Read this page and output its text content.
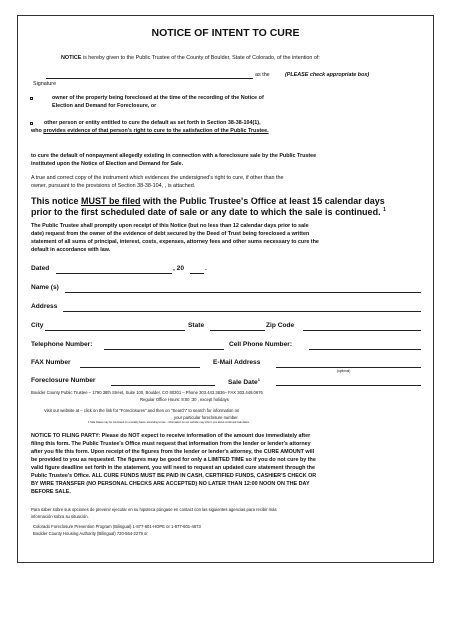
NOTICE OF INTENT TO CURE
NOTICE is hereby given to the Public Trustee of the County of Boulder, State of Colorado, of the intention of:
as the	(PLEASE check appropriate box)
Signature
owner of the property being foreclosed at the time of the recording of the Notice of
Election and Demand for Foreclosure, or
other person or entity entitled to cure the default as set forth in Section 38-38-104(1),
who provides evidence of that person's right to cure to the satisfaction of the Public Trustee.
to cure the default of nonpayment allegedly existing in connection with a foreclosure sale by the Public Trustee
instituted upon the Notice of Election and Demand for Sale.
A true and correct copy of the instrument which evidences the undersigned's right to cure, if other than the
owner, pursuant to the provisions of Section 38-38-104, , is attached.
This notice MUST be filed with the Public Trustee's Office at least 15 calendar days
prior to the first scheduled date of sale or any date to which the sale is continued. $^1$
The Public Trustee shall promptly upon receipt of this Notice (but no less than 12 calendar days prior to sale
date) request from the owner of the evidence of debt secured by the Deed of Trust being foreclosed a written
statement of all sums of principal, interest, costs, expenses, attorney fees and other sums necessary to cure the
default in accordance with law.
Dated	, 20	.
Name (s)
Address
City	State	Zip Code
Telephone Number:	Cell Phone Number:
FAX Number	E-Mail Address
(optional)
Foreclosure Number	Sale Date$^1$
Boulder County Public Trustee – 1790 38th Street, Suite 100, Boulder, CO 80301 – Phone 303.443.3636– FAX 303.449.0676
Regular Office Hours: 8:00 :30 , except holidays
Visit our website at – click on the link for "Foreclosures" and then on "Search" to search for information on
your particular foreclosure number.
1 Sale Dates may be continued on a weekly basis, according to law – information on our website may inform you about continued sale dates.
NOTICE TO FILING PARTY: Please do NOT expect to receive information of the amount due immediately after
filing this form. The Public Trustee's Office must request that information from the lender or lender's attorney
after you file this form. Upon receipt of the figures from the lender or lender's attorney, the CURE AMOUNT will
be provided to you as requested. The figures may be good for only a LIMITED TIME so if you do not cure by the
valid figure deadline set forth in the statement, you will need to request an updated cure statement through the
Public Trustee's Office. ALL CURE FUNDS MUST BE PAID IN CASH, CERTIFIED FUNDS, CASHIER'S CHECK OR
BY WIRE TRANSFER (NO PERSONAL CHECKS ARE ACCEPTED) NO LATER THAN 12:00 NOON ON THE DAY
BEFORE SALE.
Para saber sobre sus opciones de prevenir ejecutar en su hipoteca póngase en contact con las siguientes agencias para recibir más
información sobra su situación.
Colorado Foreclosure Prevention Program (Bilingual) 1-877-601-HOPE or 1-877-601-4673
Boulder County Housing Authority (Bilingual) 720-564-2279 or
